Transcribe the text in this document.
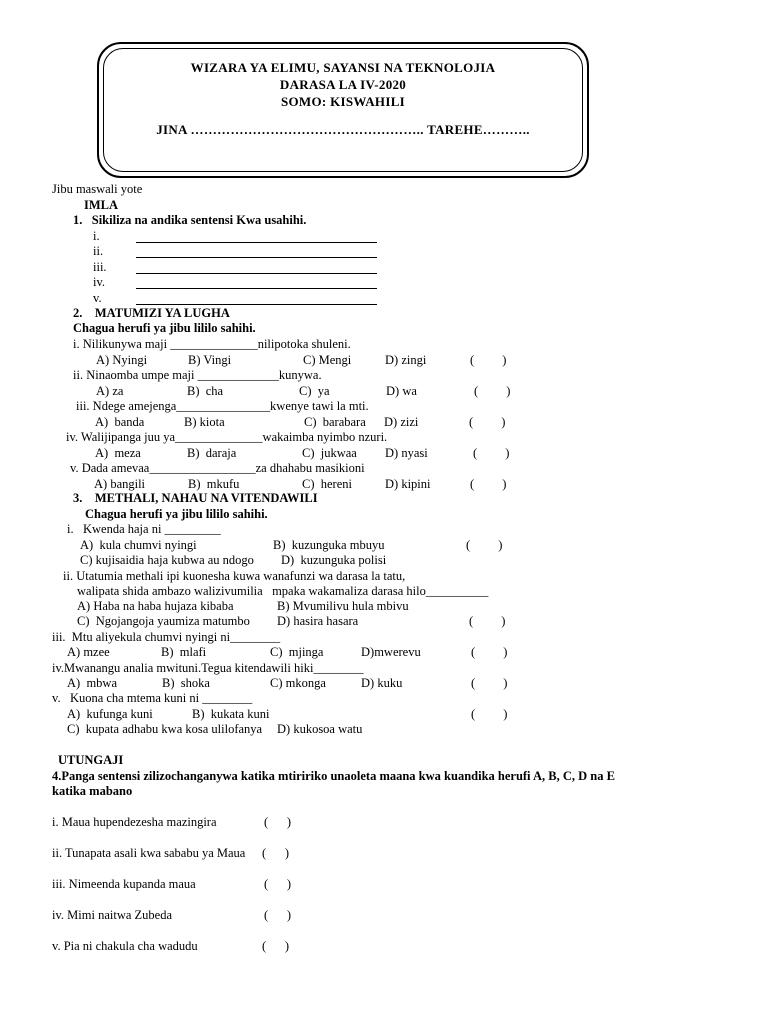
WIZARA YA ELIMU, SAYANSI NA TEKNOLOJIA
DARASA LA IV-2020
SOMO: KISWAHILI
JINA …………………………………………….. TAREHE………..
Jibu maswali yote
IMLA
1.   Sikiliza na andika sentensi Kwa usahihi.
i.
ii.
iii.
iv.
v.
2.    MATUMIZI YA LUGHA
Chagua herufi ya jibu lililo sahihi.
i. Nilikunywa maji ______________nilipotoka shuleni.
A) Nyingi	B) Vingi	C) Mengi	D) zingi	(         )
ii. Ninaomba umpe maji _____________kunywa.
A) za	B)  cha	C)  ya	D) wa	(         )
iii. Ndege amejenga_______________kwenye tawi la mti.
A)  banda	B) kiota	C)  barabara D) zizi	(         )
iv. Walijipanga juu ya______________wakaimba nyimbo nzuri.
A)  meza	B)  daraja	C)  jukwaa D) nyasi	(         )
v. Dada amevaa_________________za dhahabu masikioni
A) bangili	B)  mkufu	C)  hereni	D) kipini	(         )
3.    METHALI, NAHAU NA VITENDAWILI
Chagua herufi ya jibu lililo sahihi.
i.   Kwenda haja ni _________
A)  kula chumvi nyingi	B)  kuzunguka mbuyu	(         )
C) kujisaidia haja kubwa au ndogo D)  kuzunguka polisi
ii. Utatumia methali ipi kuonesha kuwa wanafunzi wa darasa la tatu,
walipata shida ambazo walizivumilia   mpaka wakamaliza darasa hilo__________
A) Haba na haba hujaza kibaba	B) Mvumilivu hula mbivu
C)  Ngojangoja yaumiza matumbo D) hasira hasara	(         )
iii.  Mtu aliyekula chumvi nyingi ni________
A) mzee	B)  mlafi	C)  mjinga	D)mwerevu	(         )
iv.Mwanangu analia mwituni.Tegua kitendawili hiki________
A)  mbwa	B)  shoka	C) mkonga	D) kuku	(         )
v.   Kuona cha mtema kuni ni ________
A)  kufunga kuni	B)  kukata kuni	(         )
C)  kupata adhabu kwa kosa ulilofanya D) kukosoa watu
UTUNGAJI
4.Panga sentensi zilizochanganywa katika mtiririko unaoleta maana kwa kuandika herufi A, B, C, D na E
katika mabano
i. Maua hupendezesha mazingira	(      )
ii. Tunapata asali kwa sababu ya Maua (      )
iii. Nimeenda kupanda maua	(      )
iv. Mimi naitwa Zubeda	(      )
v. Pia ni chakula cha wadudu	(      )
